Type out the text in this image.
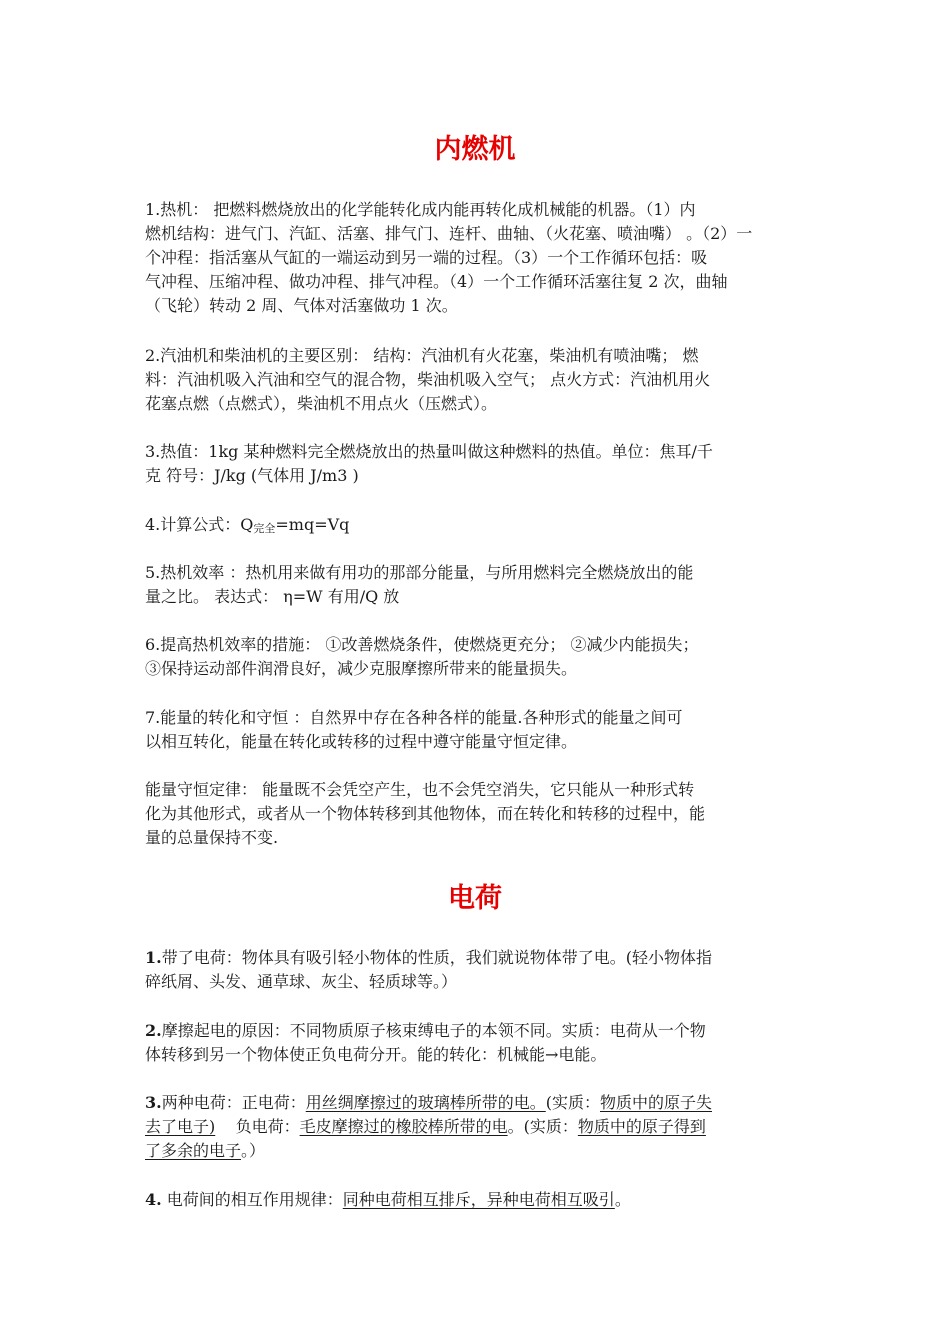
内燃机
1.热机： 把燃料燃烧放出的化学能转化成内能再转化成机械能的机器。（1）内
燃机结构：进气门、汽缸、活塞、排气门、连杆、曲轴、（火花塞、喷油嘴） 。（2）一
个冲程：指活塞从气缸的一端运动到另一端的过程。（3）一个工作循环包括：吸
气冲程、压缩冲程、做功冲程、排气冲程。（4）一个工作循环活塞往复 2 次，曲轴
（飞轮）转动 2 周、气体对活塞做功 1 次。
2.汽油机和柴油机的主要区别： 结构：汽油机有火花塞，柴油机有喷油嘴； 燃
料：汽油机吸入汽油和空气的混合物，柴油机吸入空气； 点火方式：汽油机用火
花塞点燃（点燃式），柴油机不用点火（压燃式）。
3.热值：1kg 某种燃料完全燃烧放出的热量叫做这种燃料的热值。单位：焦耳/千
克 符号：J/kg (气体用 J/m3 )
4.计算公式：$Q_{完全}=mq=Vq$
5.热机效率 ：热机用来做有用功的那部分能量，与所用燃料完全燃烧放出的能
量之比。 表达式： η=W 有用/Q 放
6.提高热机效率的措施： ①改善燃烧条件，使燃烧更充分； ②减少内能损失；
③保持运动部件润滑良好，减少克服摩擦所带来的能量损失。
7.能量的转化和守恒 ：自然界中存在各种各样的能量.各种形式的能量之间可
以相互转化，能量在转化或转移的过程中遵守能量守恒定律。
能量守恒定律： 能量既不会凭空产生，也不会凭空消失，它只能从一种形式转
化为其他形式，或者从一个物体转移到其他物体，而在转化和转移的过程中，能
量的总量保持不变.
电荷
1.带了电荷：物体具有吸引轻小物体的性质，我们就说物体带了电。(轻小物体指
碎纸屑、头发、通草球、灰尘、轻质球等。）
2.摩擦起电的原因：不同物质原子核束缚电子的本领不同。实质：电荷从一个物
体转移到另一个物体使正负电荷分开。能的转化：机械能→电能。
3.两种电荷：正电荷：用丝绸摩擦过的玻璃棒所带的电。(实质：物质中的原子失
去了电子)    负电荷：毛皮摩擦过的橡胶棒所带的电。(实质：物质中的原子得到
了多余的电子。）
4. 电荷间的相互作用规律：同种电荷相互排斥，异种电荷相互吸引。
